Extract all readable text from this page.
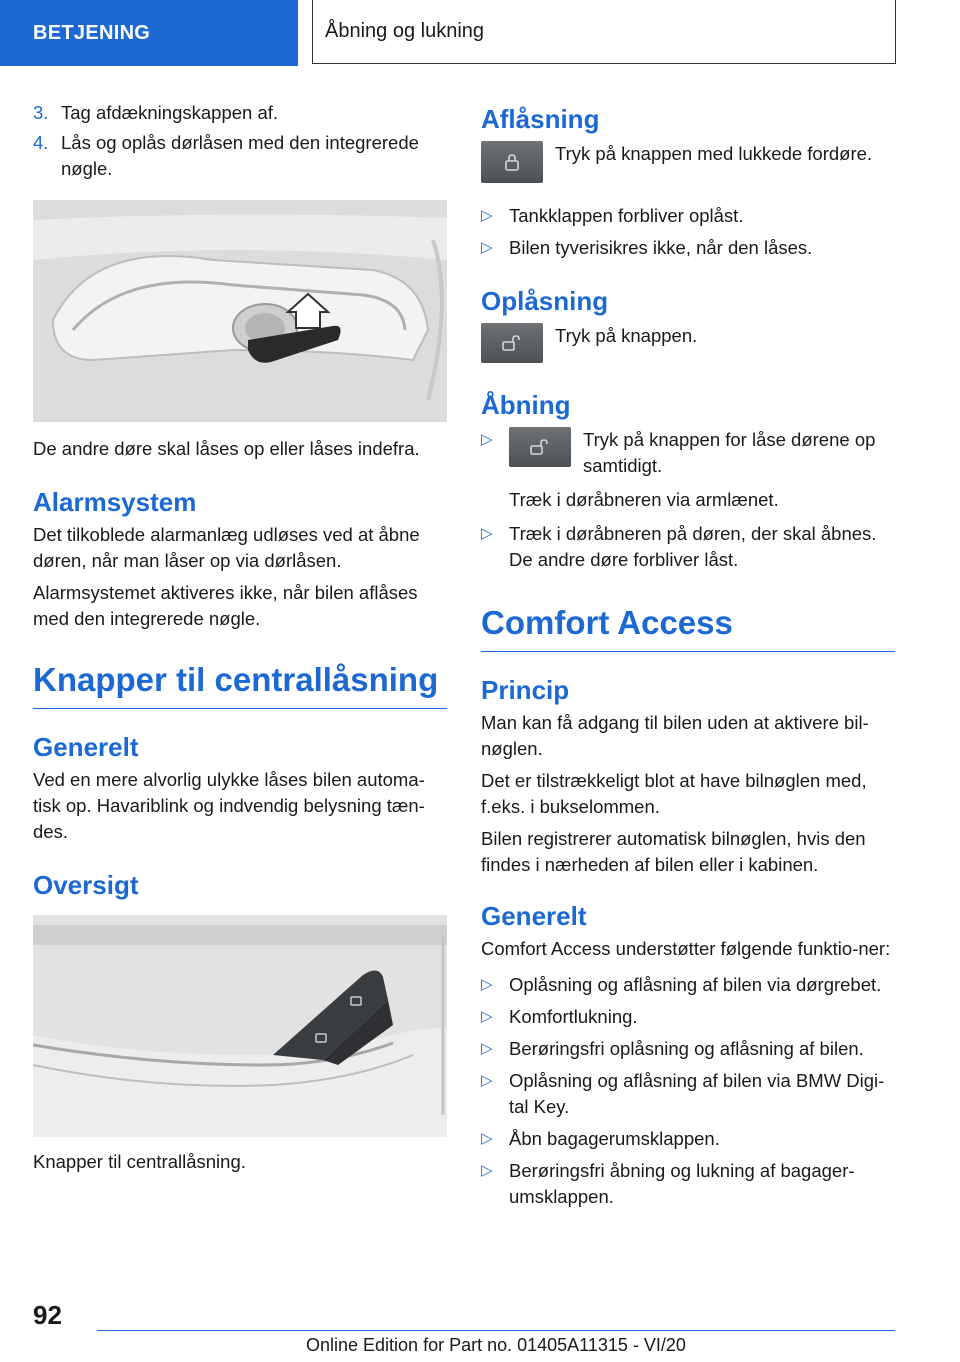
BETJENING	Åbning og lukning
3. Tag afdækningskappen af.
4. Lås og oplås dørlåsen med den integrerede nøgle.

De andre døre skal låses op eller låses indefra.

Alarmsystem

Det tilkoblede alarmanlæg udløses ved at åbne døren, når man låser op via dørlåsen.

Alarmsystemet aktiveres ikke, når bilen aflåses med den integrerede nøgle.

Knapper til centrallåsning
Generelt

Ved en mere alvorlig ulykke låses bilen automa-tisk op. Havariblink og indvendig belysning tæn-des.

Oversigt

Knapper til centrallåsning.

Aflåsning

Tryk på knappen med lukkede fordøre.

▷ Tankklappen forbliver oplåst.
▷ Bilen tyverisikres ikke, når den låses.
Oplåsning

Tryk på knappen.

Åbning
▷	Tryk på knappen for låse dørene op samtidigt.

Træk i døråbneren via armlænet.

▷ Træk i døråbneren på døren, der skal åbnes. De andre døre forbliver låst.
Comfort Access
Princip

Man kan få adgang til bilen uden at aktivere bil-nøglen.

Det er tilstrækkeligt blot at have bilnøglen med, f.eks. i bukselommen.

Bilen registrerer automatisk bilnøglen, hvis den findes i nærheden af bilen eller i kabinen.

Generelt

Comfort Access understøtter følgende funktio-ner:

▷ Oplåsning og aflåsning af bilen via dørgrebet.
▷ Komfortlukning.
▷ Berøringsfri oplåsning og aflåsning af bilen.
▷ Oplåsning og aflåsning af bilen via BMW Digi-tal Key.
▷ Åbn bagagerumsklappen.
▷ Berøringsfri åbning og lukning af bagager-umsklappen.
92
Online Edition for Part no. 01405A11315 - VI/20
